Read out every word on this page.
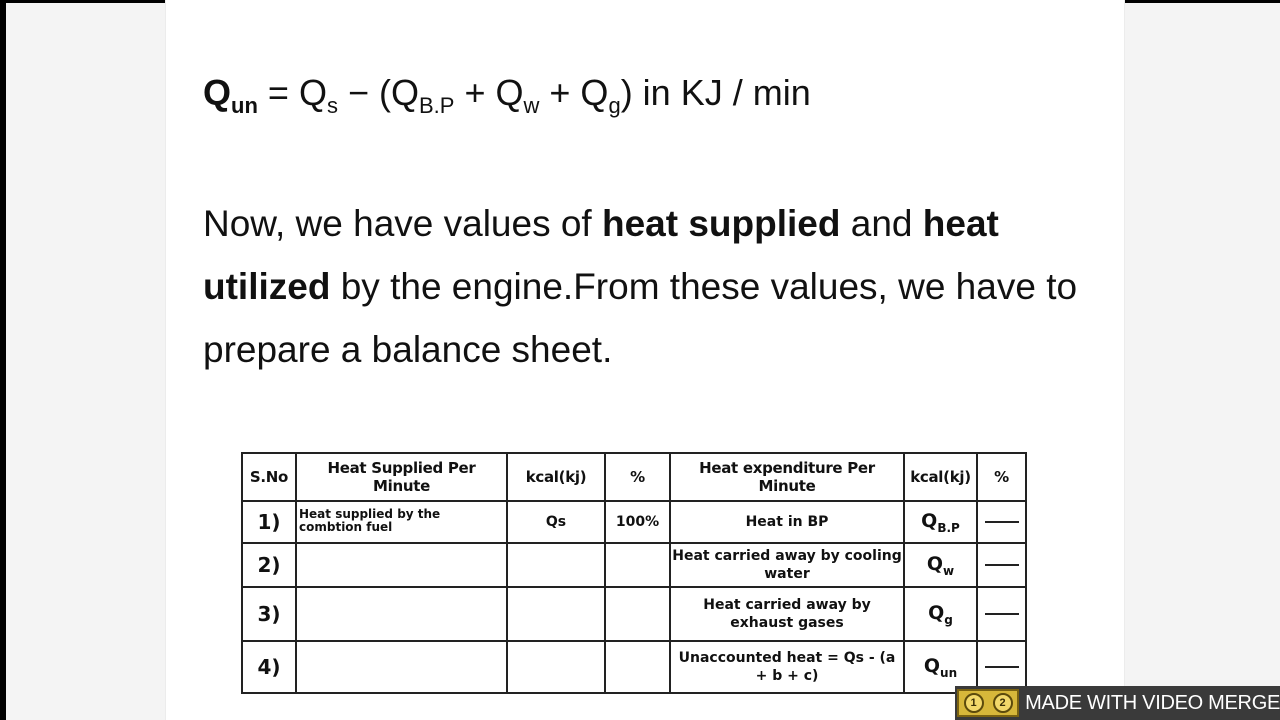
$Q_{un} = Q_s - (Q_{B.P} + Q_w + Q_g)$ in KJ / min
Now, we have values of heat supplied and heat utilized by the engine.From these values, we have to prepare a balance sheet.
S.No	Heat Supplied Per Minute	kcal(kj)	%	Heat expenditure Per Minute	kcal(kj)	%
1)	Heat supplied by the combtion fuel	Qs	100%	Heat in BP	$Q_{B.P}$	
2)				Heat carried away by cooling water	$Q_w$	
3)				Heat carried away by exhaust gases	$Q_g$	
4)				Unaccounted heat = Qs - (a + b + c)	$Q_{un}$	
1	2 MADE WITH VIDEO MERGE
